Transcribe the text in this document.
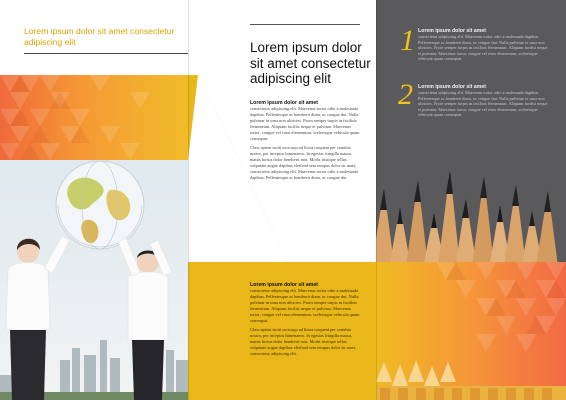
Lorem ipsum dolor sit amet consectetur adipiscing elit	Lorem ipsum dolor sit amet consectetur adipiscing elit
Lorem ipsum dolor sit amet

consectetur adipiscing elit. Maecenas tortor odio a malesuada dapibus. Pellentesque ac hendrerit diam, ac congue dui. Nulla pulvinar in urna non ultricies. Proin semper turpis in facilisis fermentum. Aliquam facilisi neque et pulvinar. Maecenas tortor, congue vel risus elementum, scelerisque vehicula quam consequat.

Class aptent taciti sociosqu ad litora torquent per conubia nostra, per inceptos himenaeos. In egestas fringilla massa, mattis luctus dolor hendrerit non. Morbi tristique tellus vulputate augue dapibus eleifend sem tempus dolor sit amet, consectetur adipiscing elit. Maecenas tortor odio a malesuada dapibus. Pellentesque ac hendrerit diam, ac congue dui.

Lorem ipsum dolor sit amet

consectetur adipiscing elit. Maecenas tortor odio a malesuada dapibus. Pellentesque ac hendrerit diam, ac congue dui. Nulla pulvinar in urna non ultricies. Proin semper turpis in facilisis fermentum. Aliquam facilisi neque et pulvinar. Maecenas tortor, congue vel risus elementum, scelerisque vehicula quam consequat.

Class aptent taciti sociosqu ad litora torquent per conubia nostra, per inceptos himenaeos. In egestas fringilla massa, mattis luctus dolor hendrerit non. Morbi tristique tellus vulputate augue dapibus eleifend sem tempus dolor sit amet, consectetur adipiscing elit.

1 Lorem ipsum dolor sit amet

consectetur adipiscing elit. Maecenas tortor odio a malesuada dapibus. Pellentesque ac hendrerit diam, ac congue dui. Nulla pulvinar in urna non ultricies. Proin semper turpis in facilisis fermentum. Aliquam facilisi neque et pulvinar. Maecenas tortor, congue vel risus elementum, scelerisque vehicula quam consequat.

2 Lorem ipsum dolor sit amet

consectetur adipiscing elit. Maecenas tortor odio a malesuada dapibus. Pellentesque ac hendrerit diam, ac congue dui. Nulla pulvinar in urna non ultricies. Proin semper turpis in facilisis fermentum. Aliquam facilisi neque et pulvinar. Maecenas tortor, congue vel risus elementum, scelerisque vehicula quam consequat.
